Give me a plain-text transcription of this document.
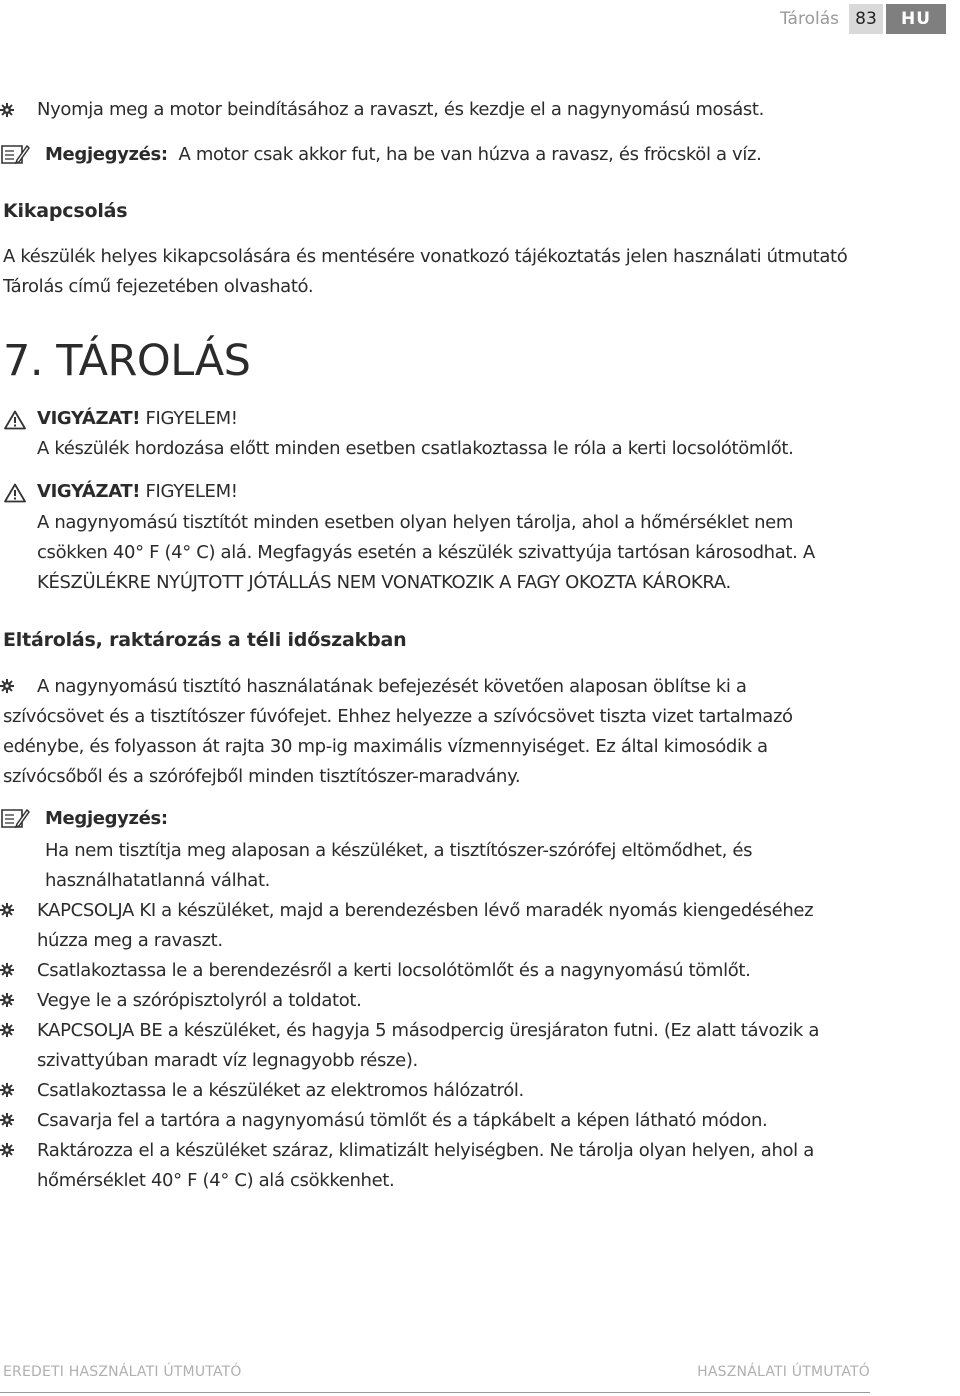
Tárolás 83	HU
Nyomja meg a motor beindításához a ravaszt, és kezdje el a nagynyomású mosást.
Megjegyzés: A motor csak akkor fut, ha be van húzva a ravasz, és fröcsköl a víz.
Kikapcsolás
A készülék helyes kikapcsolására és mentésére vonatkozó tájékoztatás jelen használati útmutató
Tárolás című fejezetében olvasható.
7. TÁROLÁS
VIGYÁZAT! FIGYELEM!
A készülék hordozása előtt minden esetben csatlakoztassa le róla a kerti locsolótömlőt.
VIGYÁZAT! FIGYELEM!
A nagynyomású tisztítót minden esetben olyan helyen tárolja, ahol a hőmérséklet nem
csökken 40° F (4° C) alá. Megfagyás esetén a készülék szivattyúja tartósan károsodhat. A
KÉSZÜLÉKRE NYÚJTOTT JÓTÁLLÁS NEM VONATKOZIK A FAGY OKOZTA KÁROKRA.
Eltárolás, raktározás a téli időszakban
A nagynyomású tisztító használatának befejezését követően alaposan öblítse ki a
szívócsövet és a tisztítószer fúvófejet. Ehhez helyezze a szívócsövet tiszta vizet tartalmazó
edénybe, és folyasson át rajta 30 mp-ig maximális vízmennyiséget. Ez által kimosódik a
szívócsőből és a szórófejből minden tisztítószer-maradvány.
Megjegyzés:
Ha nem tisztítja meg alaposan a készüléket, a tisztítószer-szórófej eltömődhet, és
használhatatlanná válhat.
KAPCSOLJA KI a készüléket, majd a berendezésben lévő maradék nyomás kiengedéséhez
húzza meg a ravaszt.
Csatlakoztassa le a berendezésről a kerti locsolótömlőt és a nagynyomású tömlőt.
Vegye le a szórópisztolyról a toldatot.
KAPCSOLJA BE a készüléket, és hagyja 5 másodpercig üresjáraton futni. (Ez alatt távozik a
szivattyúban maradt víz legnagyobb része).
Csatlakoztassa le a készüléket az elektromos hálózatról.
Csavarja fel a tartóra a nagynyomású tömlőt és a tápkábelt a képen látható módon.
Raktározza el a készüléket száraz, klimatizált helyiségben. Ne tárolja olyan helyen, ahol a
hőmérséklet 40° F (4° C) alá csökkenhet.
EREDETI HASZNÁLATI ÚTMUTATÓ	HASZNÁLATI ÚTMUTATÓ
